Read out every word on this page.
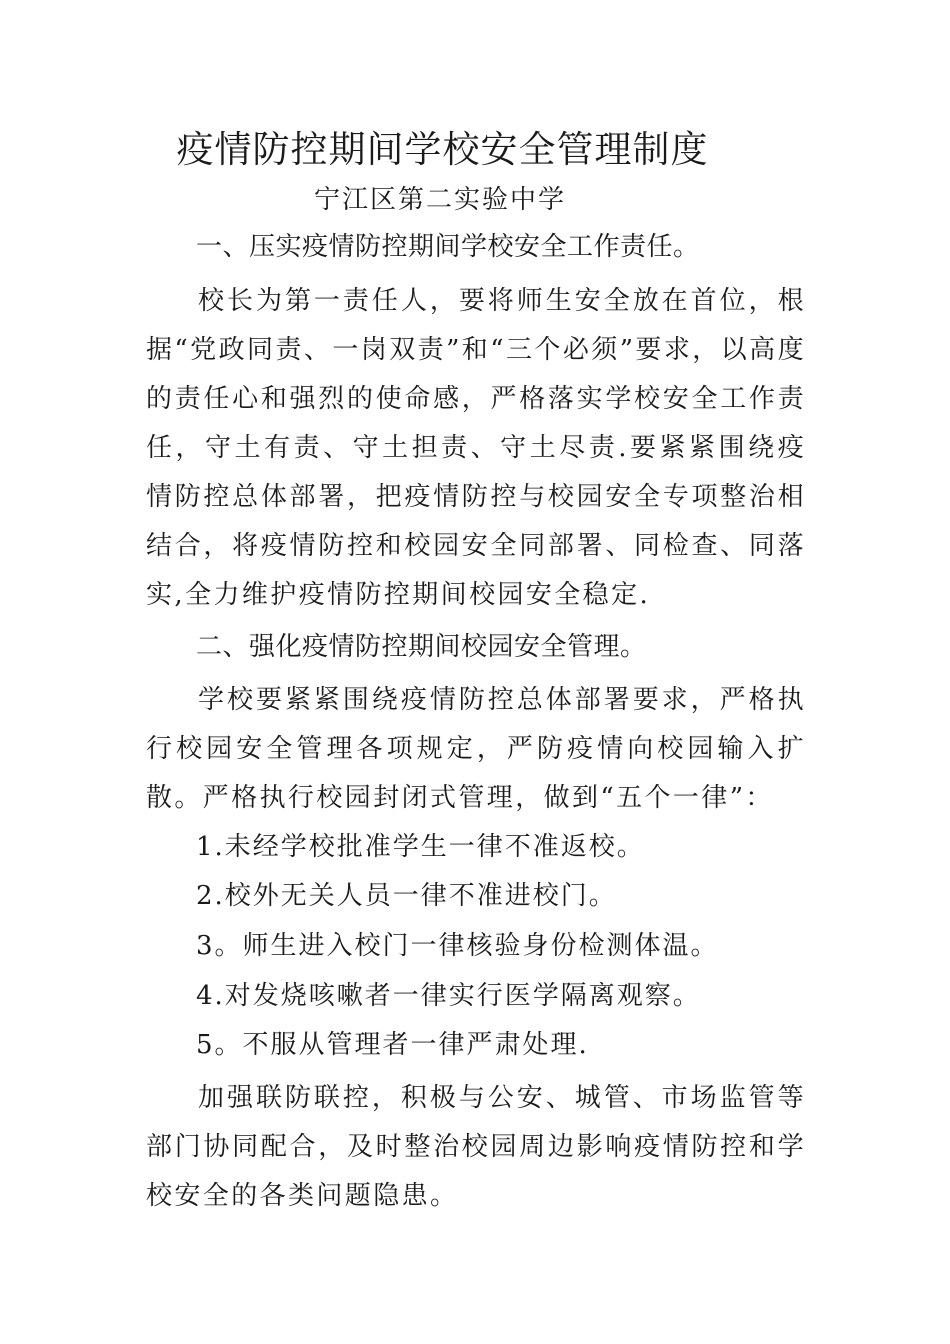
疫情防控期间学校安全管理制度

宁江区第二实验中学

一、压实疫情防控期间学校安全工作责任。

校长为第一责任人，要将师生安全放在首位，根据“党政同责、一岗双责”和“三个必须”要求，以高度的责任心和强烈的使命感，严格落实学校安全工作责任，守土有责、守土担责、守土尽责.要紧紧围绕疫情防控总体部署，把疫情防控与校园安全专项整治相结合，将疫情防控和校园安全同部署、同检查、同落实,全力维护疫情防控期间校园安全稳定.

二、强化疫情防控期间校园安全管理。

学校要紧紧围绕疫情防控总体部署要求，严格执行校园安全管理各项规定，严防疫情向校园输入扩散。严格执行校园封闭式管理，做到“五个一律”：

1.未经学校批准学生一律不准返校。

2.校外无关人员一律不准进校门。

3。师生进入校门一律核验身份检测体温。

4.对发烧咳嗽者一律实行医学隔离观察。

5。不服从管理者一律严肃处理.

加强联防联控，积极与公安、城管、市场监管等部门协同配合，及时整治校园周边影响疫情防控和学校安全的各类问题隐患。
